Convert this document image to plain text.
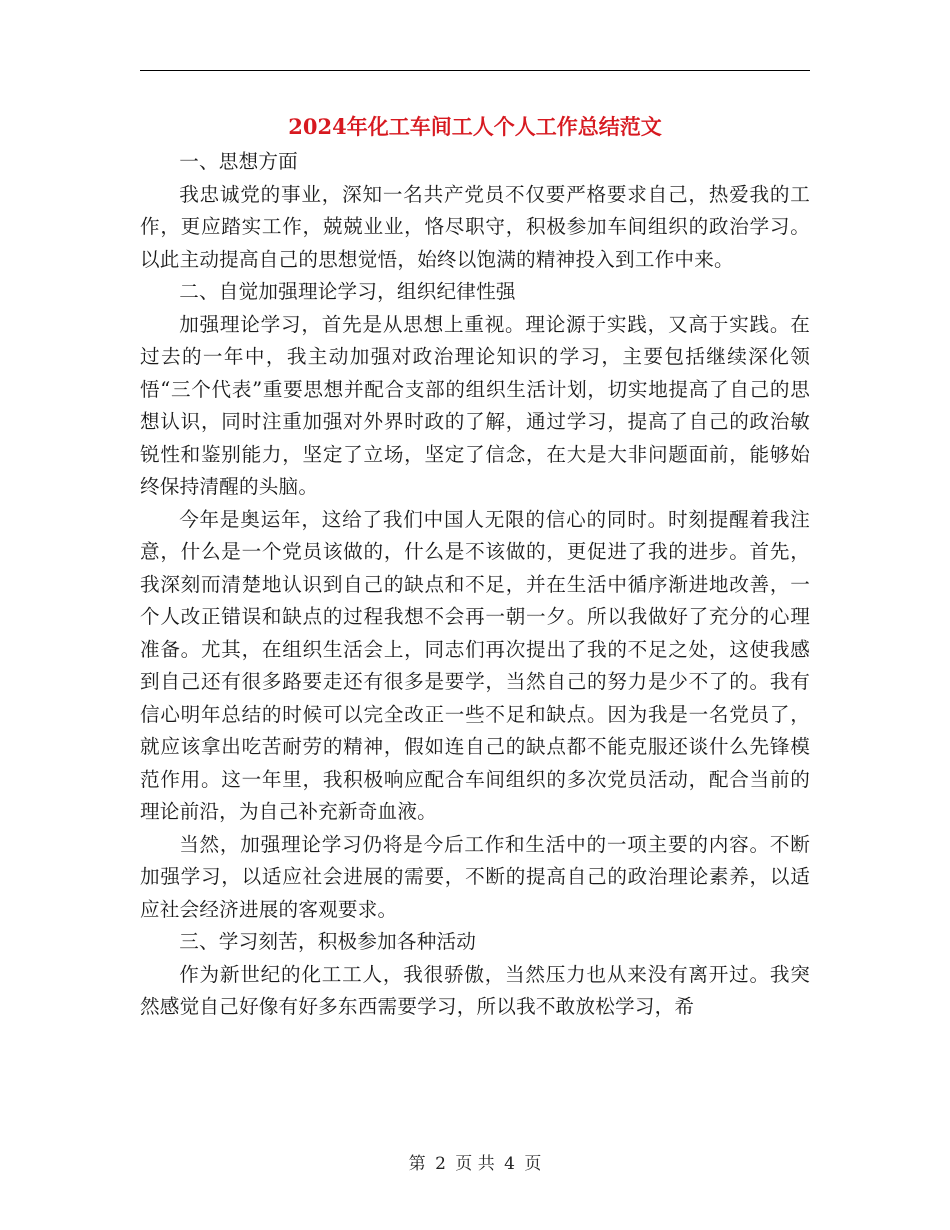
2024年化工车间工人个人工作总结范文

一、思想方面

我忠诚党的事业，深知一名共产党员不仅要严格要求自己，热爱我的工作，更应踏实工作，兢兢业业，恪尽职守，积极参加车间组织的政治学习。以此主动提高自己的思想觉悟，始终以饱满的精神投入到工作中来。

二、自觉加强理论学习，组织纪律性强

加强理论学习，首先是从思想上重视。理论源于实践，又高于实践。在过去的一年中，我主动加强对政治理论知识的学习，主要包括继续深化领悟“三个代表”重要思想并配合支部的组织生活计划，切实地提高了自己的思想认识，同时注重加强对外界时政的了解，通过学习，提高了自己的政治敏锐性和鉴别能力，坚定了立场，坚定了信念，在大是大非问题面前，能够始终保持清醒的头脑。

今年是奥运年，这给了我们中国人无限的信心的同时。时刻提醒着我注意，什么是一个党员该做的，什么是不该做的，更促进了我的进步。首先，我深刻而清楚地认识到自己的缺点和不足，并在生活中循序渐进地改善，一个人改正错误和缺点的过程我想不会再一朝一夕。所以我做好了充分的心理准备。尤其，在组织生活会上，同志们再次提出了我的不足之处，这使我感到自己还有很多路要走还有很多是要学，当然自己的努力是少不了的。我有信心明年总结的时候可以完全改正一些不足和缺点。因为我是一名党员了，就应该拿出吃苦耐劳的精神，假如连自己的缺点都不能克服还谈什么先锋模范作用。这一年里，我积极响应配合车间组织的多次党员活动，配合当前的理论前沿，为自己补充新奇血液。

当然，加强理论学习仍将是今后工作和生活中的一项主要的内容。不断加强学习，以适应社会进展的需要，不断的提高自己的政治理论素养，以适应社会经济进展的客观要求。

三、学习刻苦，积极参加各种活动

作为新世纪的化工工人，我很骄傲，当然压力也从来没有离开过。我突然感觉自己好像有好多东西需要学习，所以我不敢放松学习，希

第 2 页 共 4 页
